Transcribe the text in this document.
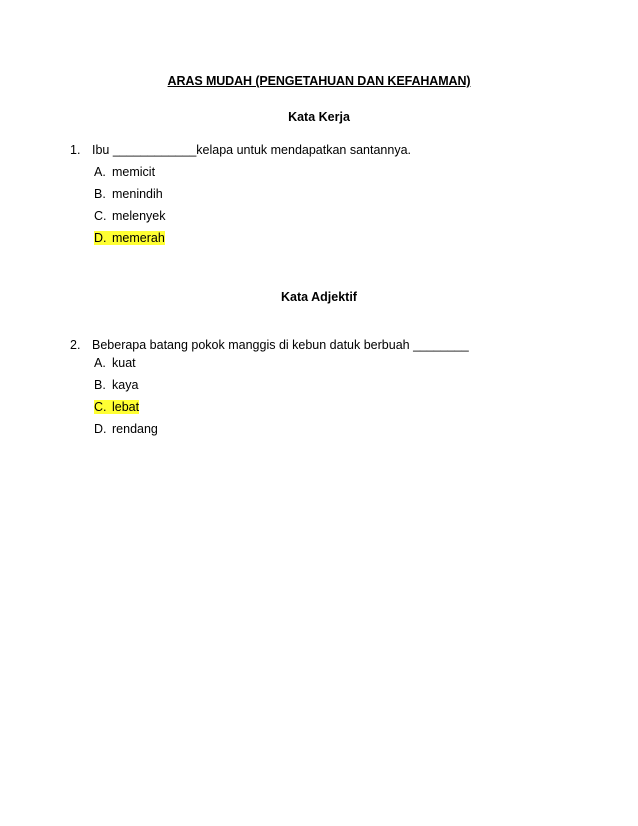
ARAS MUDAH (PENGETAHUAN DAN KEFAHAMAN)
Kata Kerja
1. Ibu ____________kelapa untuk mendapatkan santannya.
A. memicit
B. menindih
C. melenyek
D. memerah
Kata Adjektif
2. Beberapa batang pokok manggis di kebun datuk berbuah ________
A. kuat
B. kaya
C. lebat
D. rendang
